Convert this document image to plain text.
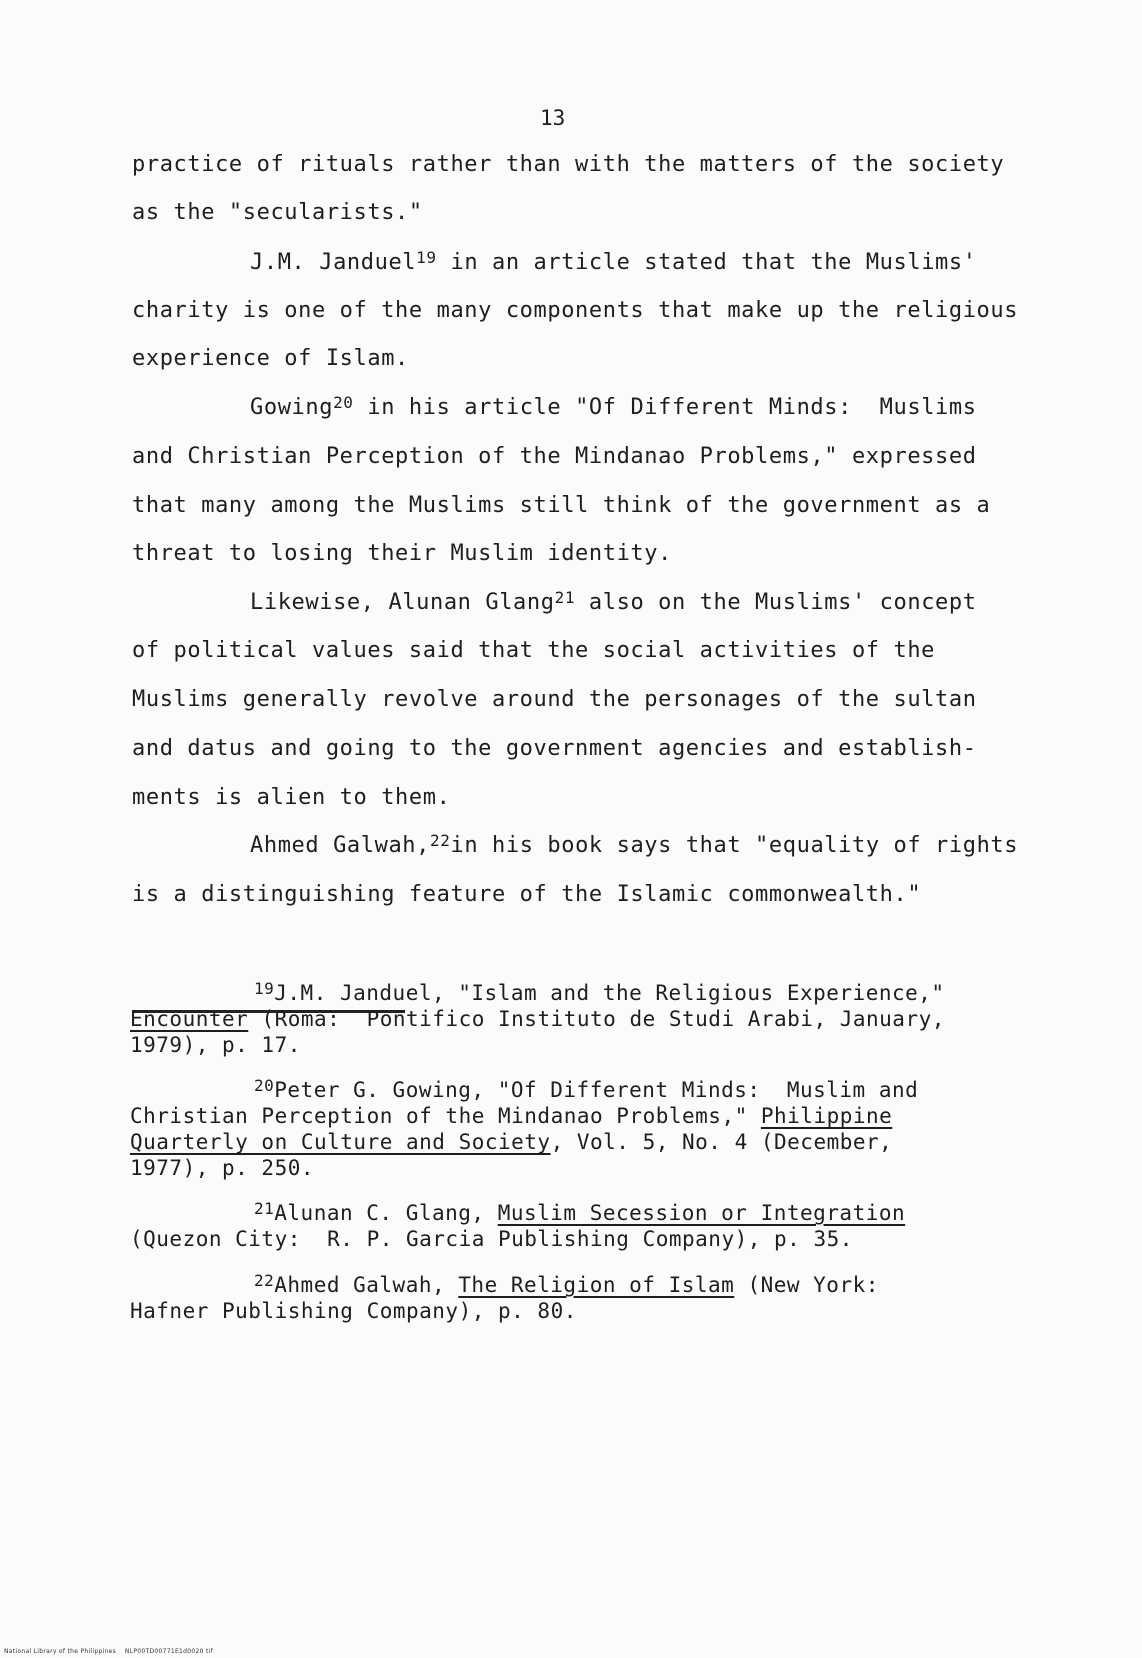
13
practice of rituals rather than with the matters of the society
as the "secularists."
J.M. Janduel$^{19}$ in an article stated that the Muslims'
charity is one of the many components that make up the religious
experience of Islam.
Gowing$^{20}$ in his article "Of Different Minds:  Muslims
and Christian Perception of the Mindanao Problems," expressed
that many among the Muslims still think of the government as a
threat to losing their Muslim identity.
Likewise, Alunan Glang$^{21}$ also on the Muslims' concept
of political values said that the social activities of the
Muslims generally revolve around the personages of the sultan
and datus and going to the government agencies and establish-
ments is alien to them.
Ahmed Galwah,$^{22}$in his book says that "equality of rights
is a distinguishing feature of the Islamic commonwealth."
$^{19}$J.M. Janduel, "Islam and the Religious Experience,"
Encounter (Roma:  Pontifico Instituto de Studi Arabi, January,
1979), p. 17.
$^{20}$Peter G. Gowing, "Of Different Minds:  Muslim and
Christian Perception of the Mindanao Problems," Philippine
Quarterly on Culture and Society, Vol. 5, No. 4 (December,
1977), p. 250.
$^{21}$Alunan C. Glang, Muslim Secession or Integration
(Quezon City:  R. P. Garcia Publishing Company), p. 35.
$^{22}$Ahmed Galwah, The Religion of Islam (New York:
Hafner Publishing Company), p. 80.
National Library of the Philippines    NLP00TD00771E1d0020 tif
